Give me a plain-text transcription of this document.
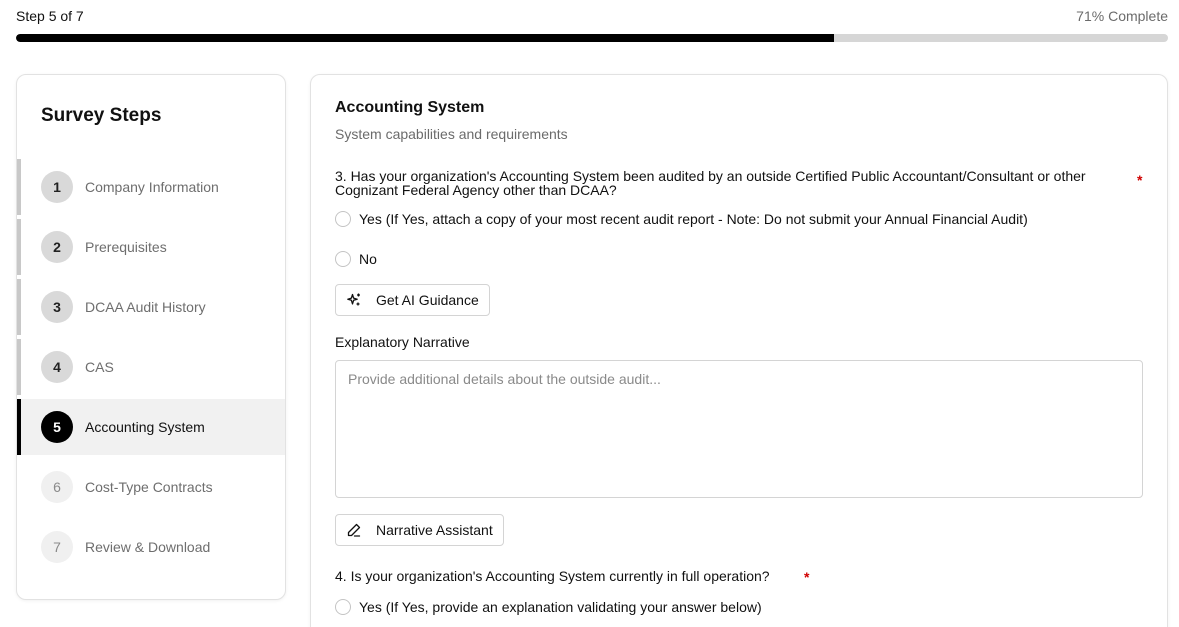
Step 5 of 7	71% Complete
Survey Steps
1	Company Information
2	Prerequisites
3	DCAA Audit History
4	CAS
5	Accounting System
6	Cost-Type Contracts
7	Review & Download
Accounting System
System capabilities and requirements
3. Has your organization's Accounting System been audited by an outside Certified Public Accountant/Consultant or other Cognizant Federal Agency other than DCAA?
*
Yes (If Yes, attach a copy of your most recent audit report - Note: Do not submit your Annual Financial Audit)
No
Get AI Guidance
Explanatory Narrative
Provide additional details about the outside audit...
Narrative Assistant
4. Is your organization's Accounting System currently in full operation? *
Yes (If Yes, provide an explanation validating your answer below)
